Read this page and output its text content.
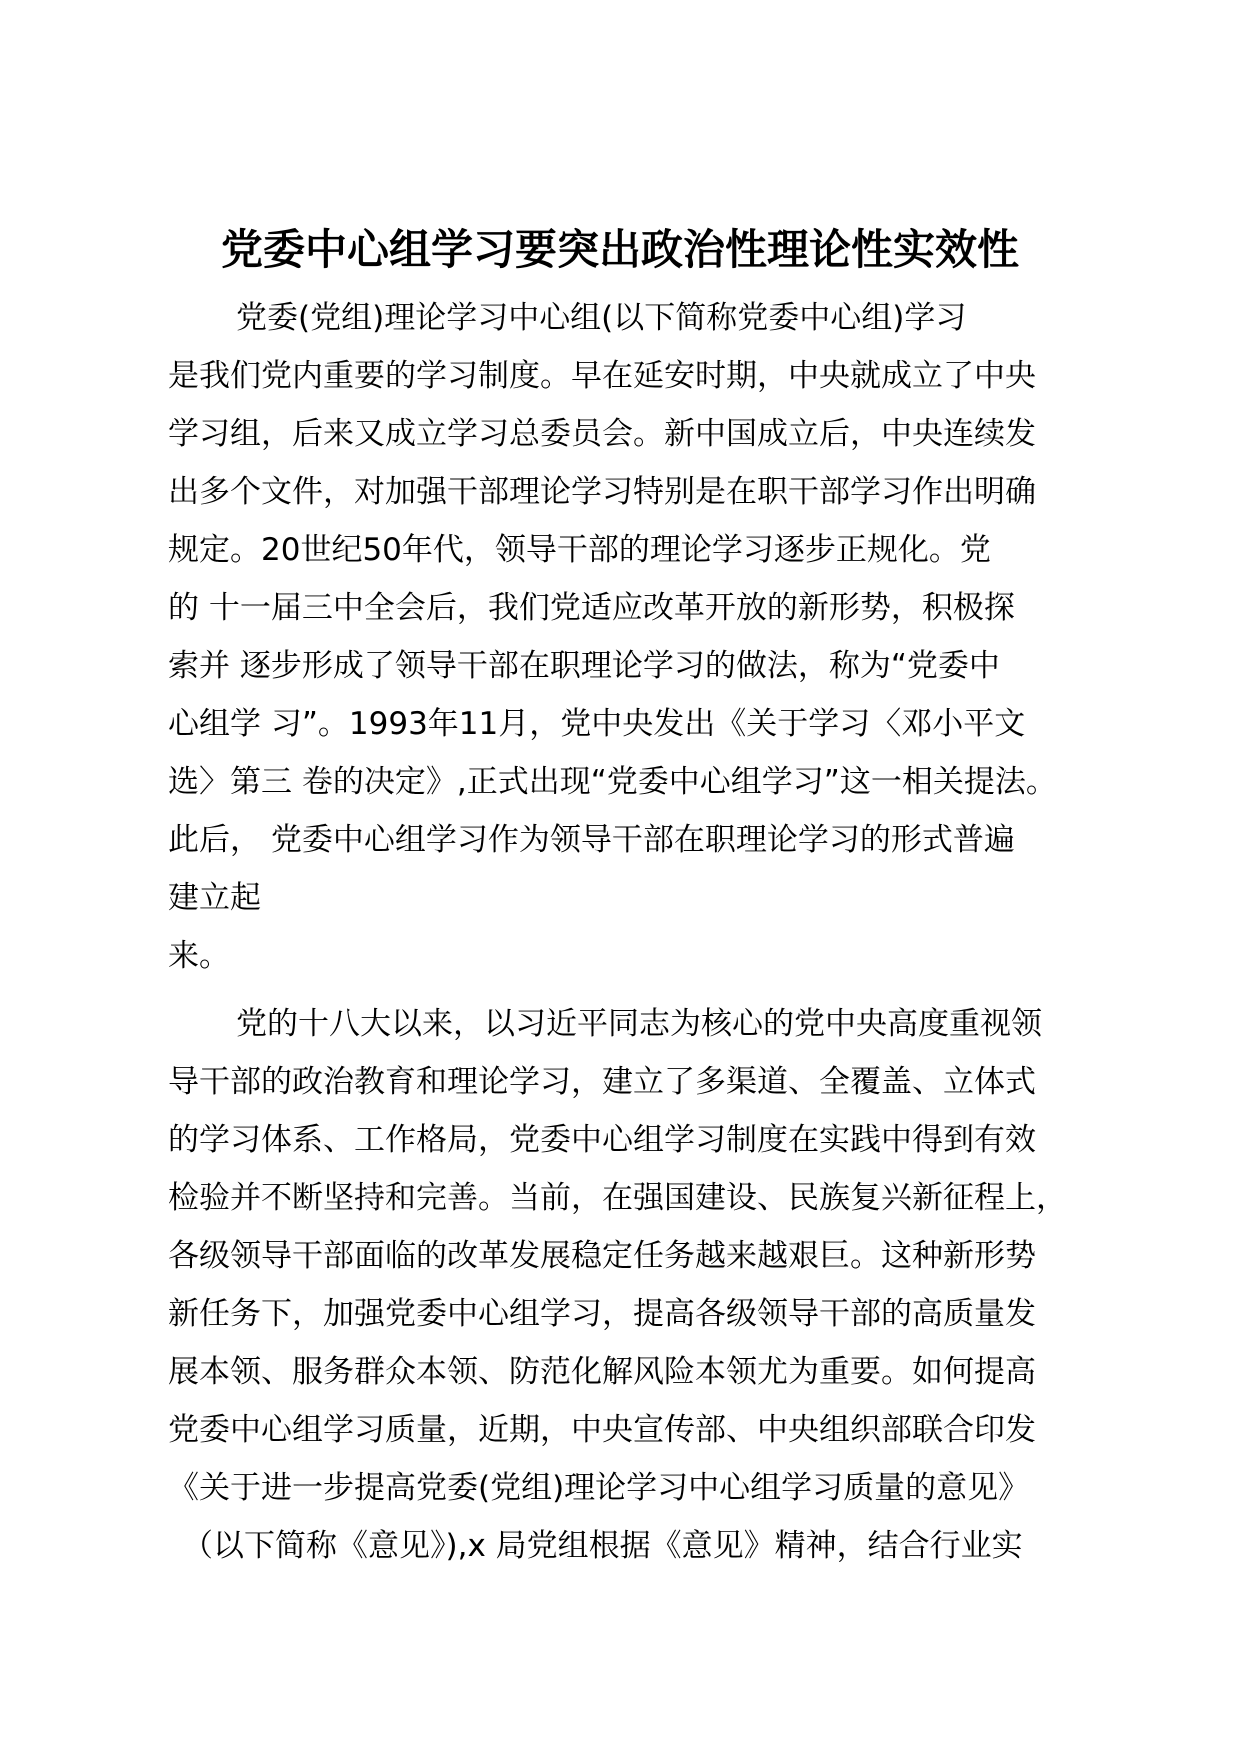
党委中心组学习要突出政治性理论性实效性
党委(党组)理论学习中心组(以下简称党委中心组)学习
是我们党内重要的学习制度。早在延安时期，中央就成立了中央
学习组，后来又成立学习总委员会。新中国成立后，中央连续发
出多个文件，对加强干部理论学习特别是在职干部学习作出明确
规定。20世纪50年代，领导干部的理论学习逐步正规化。党
的 十一届三中全会后，我们党适应改革开放的新形势，积极探
索并 逐步形成了领导干部在职理论学习的做法，称为“党委中
心组学 习”。1993年11月，党中央发出《关于学习〈邓小平文
选〉第三 卷的决定》,正式出现“党委中心组学习”这一相关提法。
此后， 党委中心组学习作为领导干部在职理论学习的形式普遍
建立起
来。
党的十八大以来，以习近平同志为核心的党中央高度重视领
导干部的政治教育和理论学习，建立了多渠道、全覆盖、立体式
的学习体系、工作格局，党委中心组学习制度在实践中得到有效
检验并不断坚持和完善。当前，在强国建设、民族复兴新征程上，
各级领导干部面临的改革发展稳定任务越来越艰巨。这种新形势
新任务下，加强党委中心组学习，提高各级领导干部的高质量发
展本领、服务群众本领、防范化解风险本领尤为重要。如何提高
党委中心组学习质量，近期，中央宣传部、中央组织部联合印发
《关于进一步提高党委(党组)理论学习中心组学习质量的意见》
（以下简称《意见》),x 局党组根据《意见》精神，结合行业实
